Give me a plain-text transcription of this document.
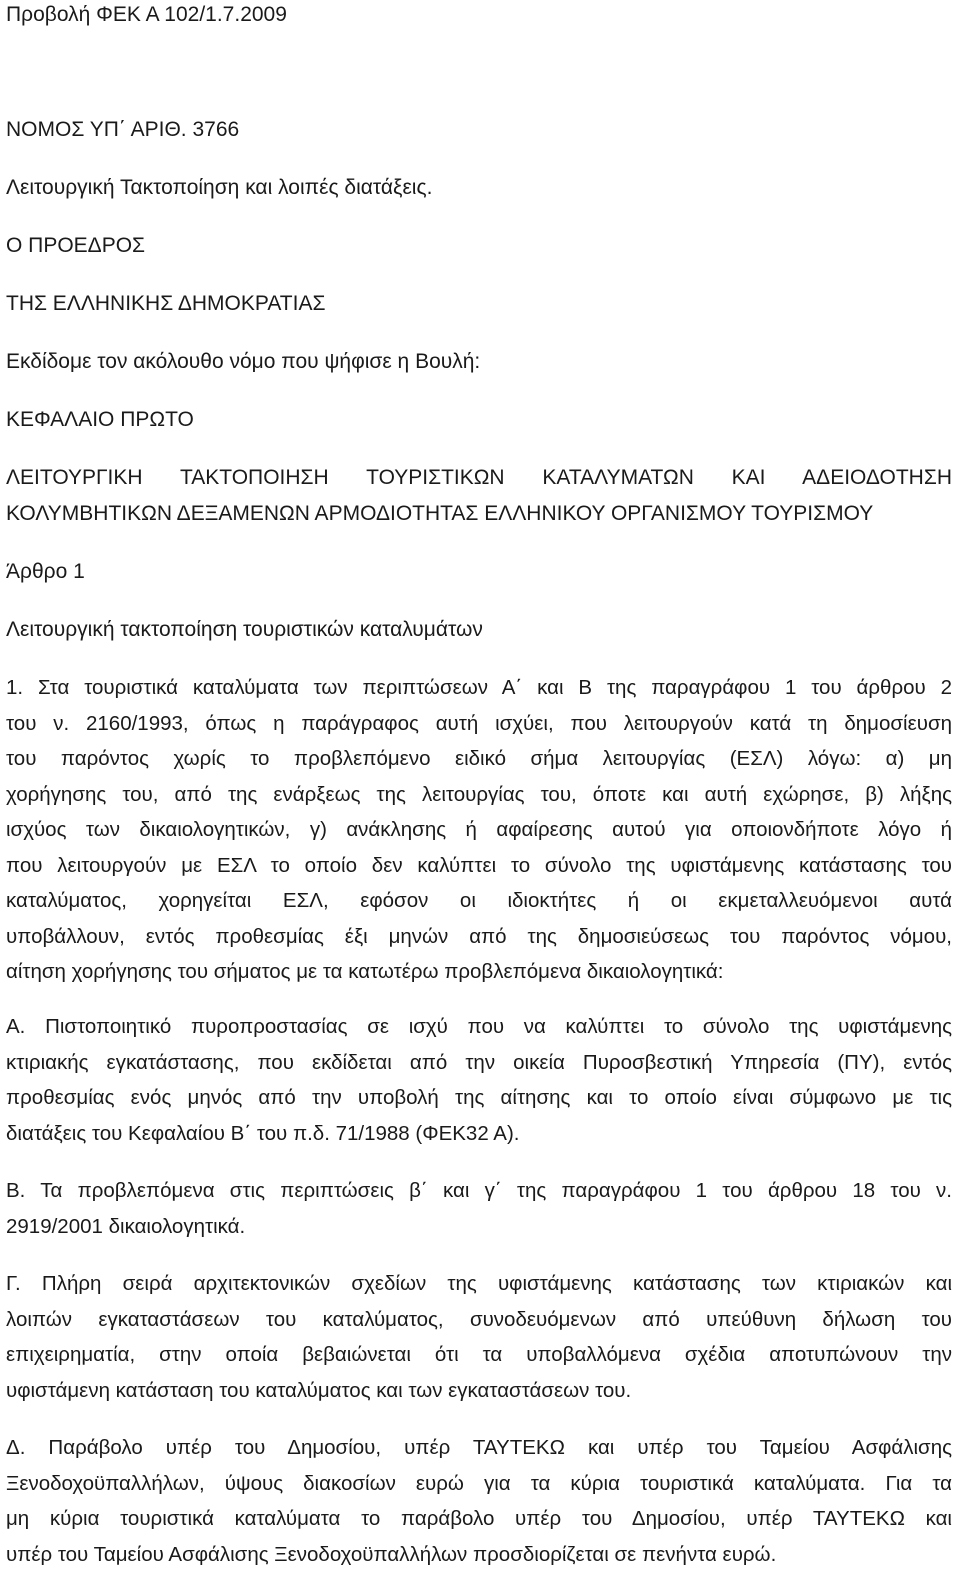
Προβολή ΦΕΚ Α 102/1.7.2009
ΝΟΜΟΣ ΥΠ΄ ΑΡΙΘ. 3766
Λειτουργική Τακτοποίηση και λοιπές διατάξεις.
Ο ΠΡΟΕΔΡΟΣ
ΤΗΣ ΕΛΛΗΝΙΚΗΣ ΔΗΜΟΚΡΑΤΙΑΣ
Εκδίδομε τον ακόλουθο νόμο που ψήφισε η Βουλή:
ΚΕΦΑΛΑΙΟ ΠΡΩΤΟ
ΛΕΙΤΟΥΡΓΙΚΗ ΤΑΚΤΟΠΟΙΗΣΗ ΤΟΥΡΙΣΤΙΚΩΝ ΚΑΤΑΛΥΜΑΤΩΝ ΚΑΙ ΑΔΕΙΟΔΟΤΗΣΗ
ΚΟΛΥΜΒΗΤΙΚΩΝ ΔΕΞΑΜΕΝΩΝ ΑΡΜΟΔΙΟΤΗΤΑΣ ΕΛΛΗΝΙΚΟΥ ΟΡΓΑΝΙΣΜΟΥ ΤΟΥΡΙΣΜΟΥ
Άρθρο 1
Λειτουργική τακτοποίηση τουριστικών καταλυμάτων
1. Στα τουριστικά καταλύματα των περιπτώσεων Α΄ και Β της παραγράφου 1 του άρθρου 2
του ν. 2160/1993, όπως η παράγραφος αυτή ισχύει, που λειτουργούν κατά τη δημοσίευση
του παρόντος χωρίς το προβλεπόμενο ειδικό σήμα λειτουργίας (ΕΣΛ) λόγω: α) μη
χορήγησης του, από της ενάρξεως της λειτουργίας του, όποτε και αυτή εχώρησε, β) λήξης
ισχύος των δικαιολογητικών, γ) ανάκλησης ή αφαίρεσης αυτού για οποιονδήποτε λόγο ή
που λειτουργούν με ΕΣΛ το οποίο δεν καλύπτει το σύνολο της υφιστάμενης κατάστασης του
καταλύματος, χορηγείται ΕΣΛ, εφόσον οι ιδιοκτήτες ή οι εκμεταλλευόμενοι αυτά
υποβάλλουν, εντός προθεσμίας έξι μηνών από της δημοσιεύσεως του παρόντος νόμου,
αίτηση χορήγησης του σήματος με τα κατωτέρω προβλεπόμενα δικαιολογητικά:
Α. Πιστοποιητικό πυροπροστασίας σε ισχύ που να καλύπτει το σύνολο της υφιστάμενης
κτιριακής εγκατάστασης, που εκδίδεται από την οικεία Πυροσβεστική Υπηρεσία (ΠΥ), εντός
προθεσμίας ενός μηνός από την υποβολή της αίτησης και το οποίο είναι σύμφωνο με τις
διατάξεις του Κεφαλαίου Β΄ του π.δ. 71/1988 (ΦΕΚ32 Α).
Β. Τα προβλεπόμενα στις περιπτώσεις β΄ και γ΄ της παραγράφου 1 του άρθρου 18 του ν.
2919/2001 δικαιολογητικά.
Γ. Πλήρη σειρά αρχιτεκτονικών σχεδίων της υφιστάμενης κατάστασης των κτιριακών και
λοιπών εγκαταστάσεων του καταλύματος, συνοδευόμενων από υπεύθυνη δήλωση του
επιχειρηματία, στην οποία βεβαιώνεται ότι τα υποβαλλόμενα σχέδια αποτυπώνουν την
υφιστάμενη κατάσταση του καταλύματος και των εγκαταστάσεων του.
Δ. Παράβολο υπέρ του Δημοσίου, υπέρ ΤΑΥΤΕΚΩ και υπέρ του Ταμείου Ασφάλισης
Ξενοδοχοϋπαλλήλων, ύψους διακοσίων ευρώ για τα κύρια τουριστικά καταλύματα. Για τα
μη κύρια τουριστικά καταλύματα το παράβολο υπέρ του Δημοσίου, υπέρ ΤΑΥΤΕΚΩ και
υπέρ του Ταμείου Ασφάλισης Ξενοδοχοϋπαλλήλων προσδιορίζεται σε πενήντα ευρώ.
